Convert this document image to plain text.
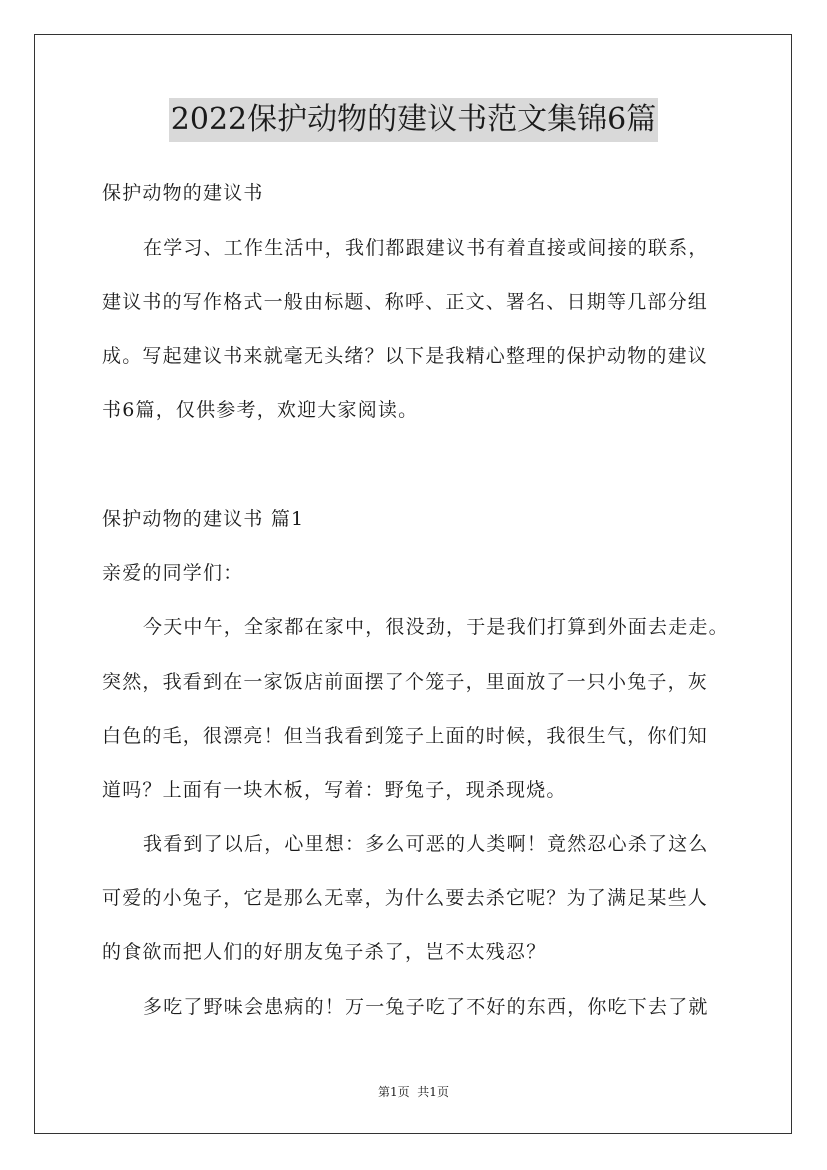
2022保护动物的建议书范文集锦6篇
保护动物的建议书
在学习、工作生活中，我们都跟建议书有着直接或间接的联系，
建议书的写作格式一般由标题、称呼、正文、署名、日期等几部分组
成。写起建议书来就毫无头绪？以下是我精心整理的保护动物的建议
书6篇，仅供参考，欢迎大家阅读。
保护动物的建议书 篇1
亲爱的同学们：
今天中午，全家都在家中，很没劲，于是我们打算到外面去走走。
突然，我看到在一家饭店前面摆了个笼子，里面放了一只小兔子，灰
白色的毛，很漂亮！但当我看到笼子上面的时候，我很生气，你们知
道吗？上面有一块木板，写着：野兔子，现杀现烧。
我看到了以后，心里想：多么可恶的人类啊！竟然忍心杀了这么
可爱的小兔子，它是那么无辜，为什么要去杀它呢？为了满足某些人
的食欲而把人们的好朋友兔子杀了，岂不太残忍？
多吃了野味会患病的！万一兔子吃了不好的东西，你吃下去了就
第1页  共1页
